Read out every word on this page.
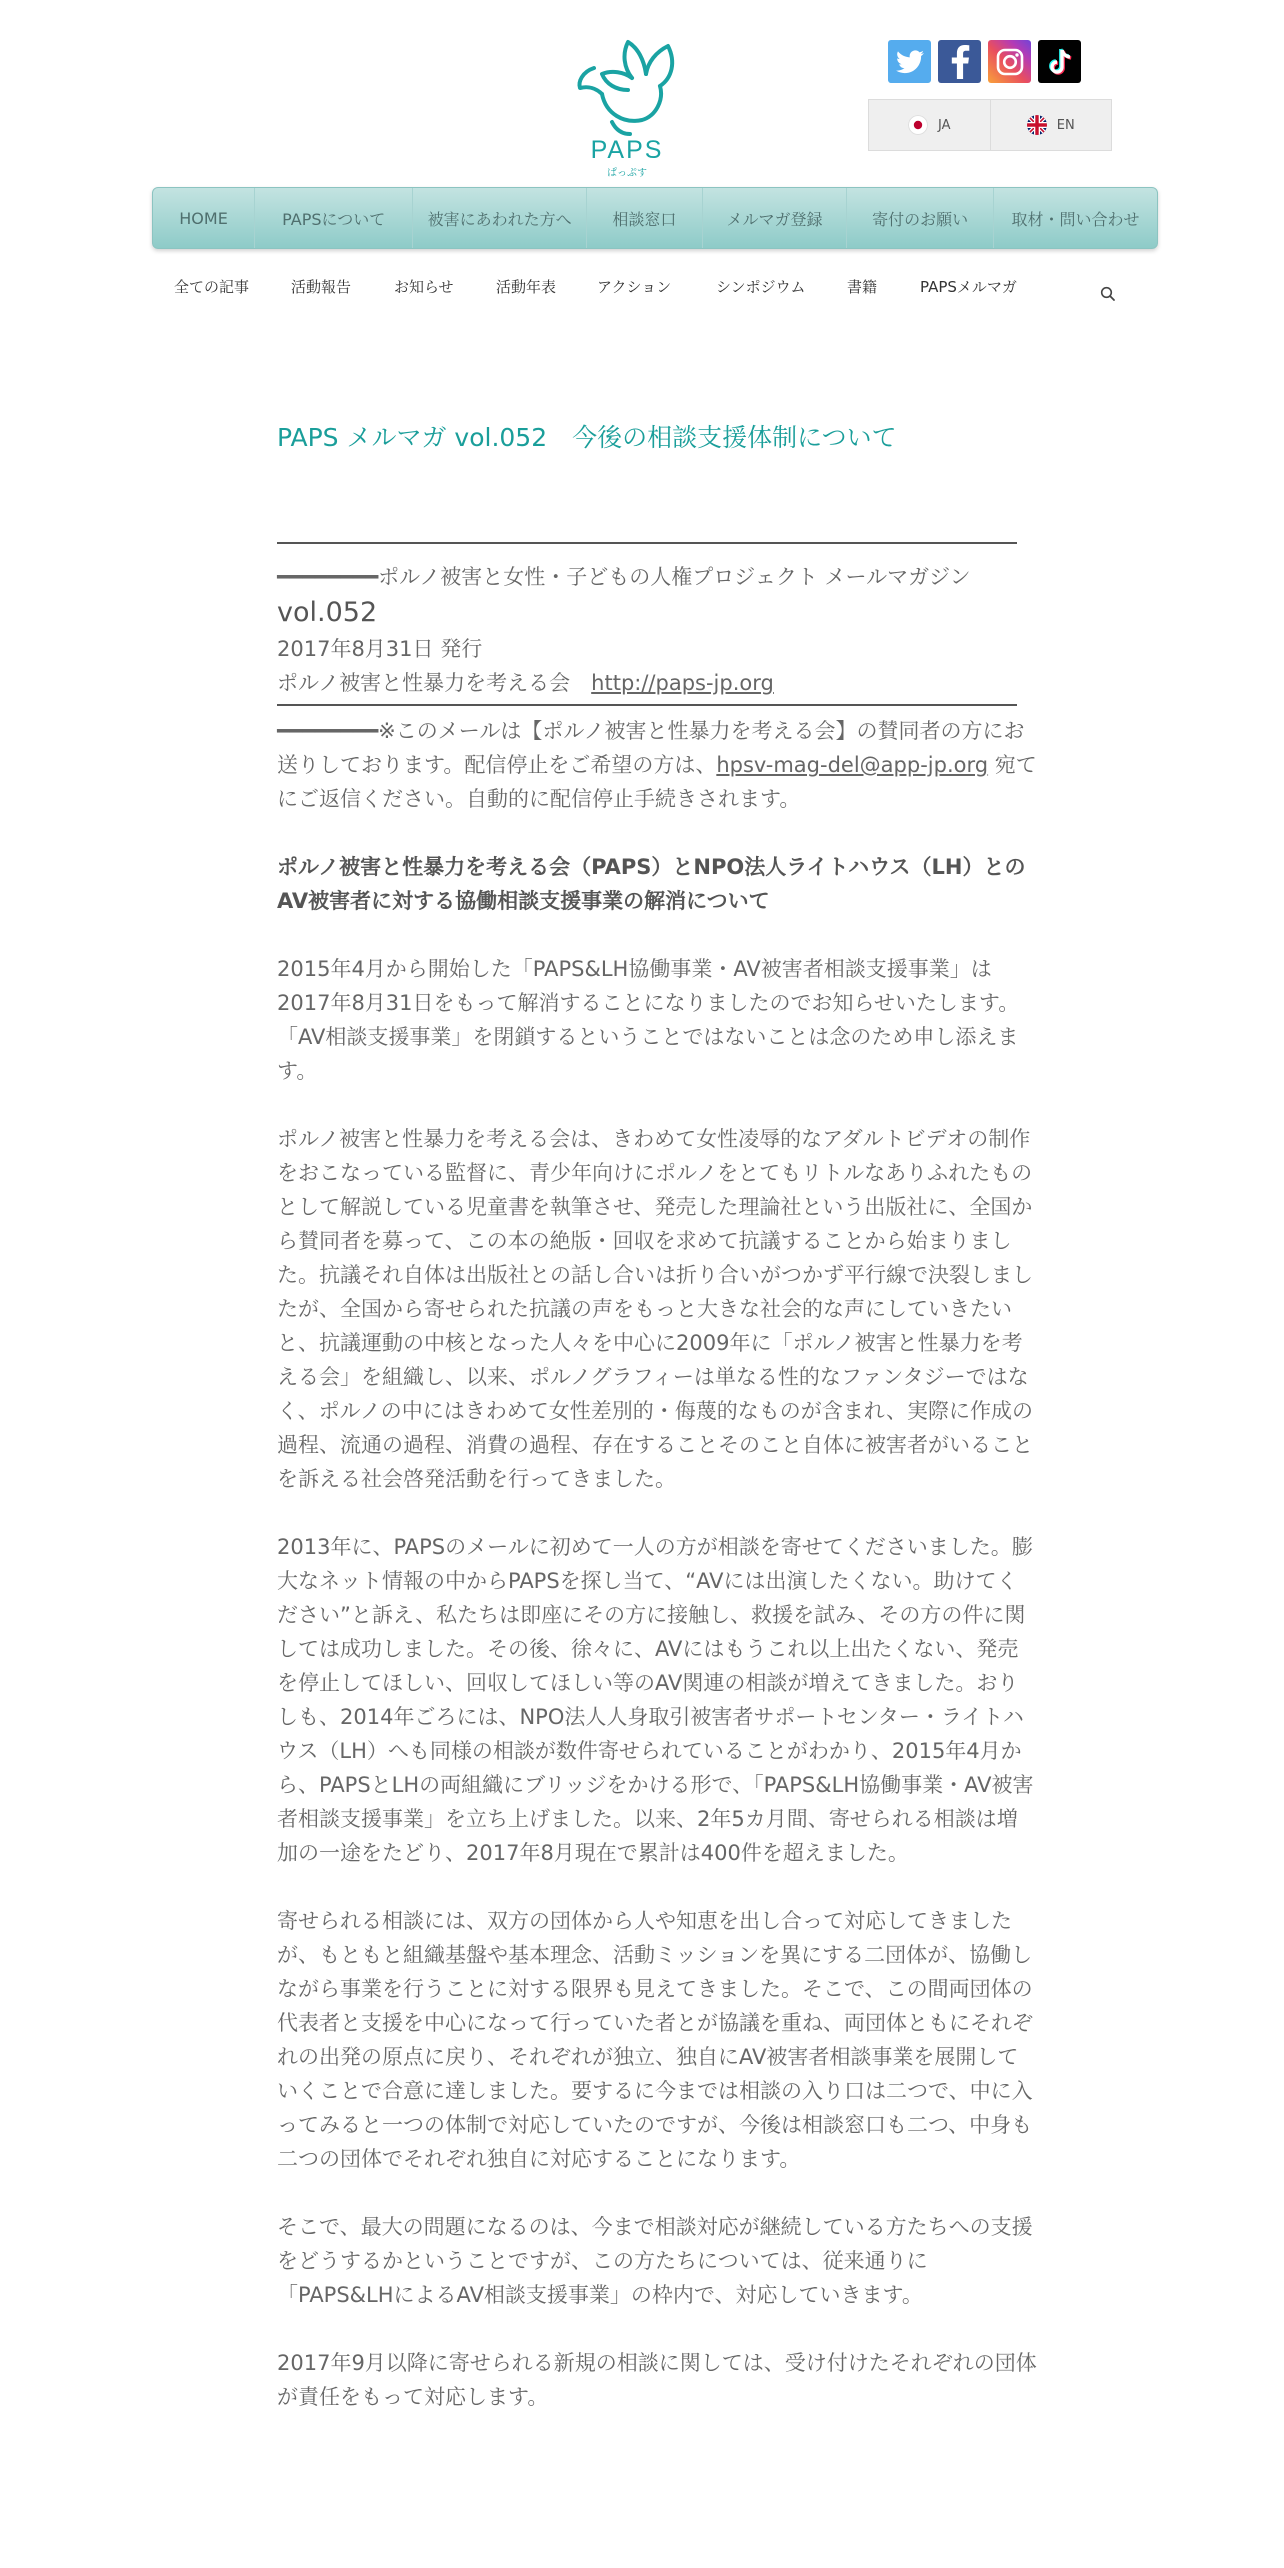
PAPS
ぱっぷす
JA	EN
HOME	PAPSについて	被害にあわれた方へ	相談窓口	メルマガ登録	寄付のお願い	取材・問い合わせ
全ての記事	活動報告	お知らせ	活動年表	アクション	シンポジウム	書籍	PAPSメルマガ
PAPS メルマガ vol.052　今後の相談支援体制について

━━━━━━━━ポルノ被害と女性・子どもの人権プロジェクト メールマガジン

vol.052

2017年8月31日 発行

ポルノ被害と性暴力を考える会　http://paps-jp.org

━━━━━━━━※このメールは【ポルノ被害と性暴力を考える会】の賛同者の方にお送りしております。配信停止をご希望の方は、hpsv-mag-del@app-jp.org 宛てにご返信ください。自動的に配信停止手続きされます。

ポルノ被害と性暴力を考える会（PAPS）とNPO法人ライトハウス（LH）とのAV被害者に対する協働相談支援事業の解消について

2015年4月から開始した「PAPS&LH協働事業・AV被害者相談支援事業」は2017年8月31日をもって解消することになりましたのでお知らせいたします。「AV相談支援事業」を閉鎖するということではないことは念のため申し添えます。

ポルノ被害と性暴力を考える会は、きわめて女性凌辱的なアダルトビデオの制作をおこなっている監督に、青少年向けにポルノをとてもリトルなありふれたものとして解説している児童書を執筆させ、発売した理論社という出版社に、全国から賛同者を募って、この本の絶版・回収を求めて抗議することから始まりました。抗議それ自体は出版社との話し合いは折り合いがつかず平行線で決裂しましたが、全国から寄せられた抗議の声をもっと大きな社会的な声にしていきたいと、抗議運動の中核となった人々を中心に2009年に「ポルノ被害と性暴力を考える会」を組織し、以来、ポルノグラフィーは単なる性的なファンタジーではなく、ポルノの中にはきわめて女性差別的・侮蔑的なものが含まれ、実際に作成の過程、流通の過程、消費の過程、存在することそのこと自体に被害者がいることを訴える社会啓発活動を行ってきました。

2013年に、PAPSのメールに初めて一人の方が相談を寄せてくださいました。膨大なネット情報の中からPAPSを探し当て、“AVには出演したくない。助けてください”と訴え、私たちは即座にその方に接触し、救援を試み、その方の件に関しては成功しました。その後、徐々に、AVにはもうこれ以上出たくない、発売を停止してほしい、回収してほしい等のAV関連の相談が増えてきました。おりしも、2014年ごろには、NPO法人人身取引被害者サポートセンター・ライトハウス（LH）へも同様の相談が数件寄せられていることがわかり、2015年4月から、PAPSとLHの両組織にブリッジをかける形で、「PAPS&LH協働事業・AV被害者相談支援事業」を立ち上げました。以来、2年5カ月間、寄せられる相談は増加の一途をたどり、2017年8月現在で累計は400件を超えました。

寄せられる相談には、双方の団体から人や知恵を出し合って対応してきましたが、もともと組織基盤や基本理念、活動ミッションを異にする二団体が、協働しながら事業を行うことに対する限界も見えてきました。そこで、この間両団体の代表者と支援を中心になって行っていた者とが協議を重ね、両団体ともにそれぞれの出発の原点に戻り、それぞれが独立、独自にAV被害者相談事業を展開していくことで合意に達しました。要するに今までは相談の入り口は二つで、中に入ってみると一つの体制で対応していたのですが、今後は相談窓口も二つ、中身も二つの団体でそれぞれ独自に対応することになります。

そこで、最大の問題になるのは、今まで相談対応が継続している方たちへの支援をどうするかということですが、この方たちについては、従来通りに「PAPS&LHによるAV相談支援事業」の枠内で、対応していきます。

2017年9月以降に寄せられる新規の相談に関しては、受け付けたそれぞれの団体が責任をもって対応します。
